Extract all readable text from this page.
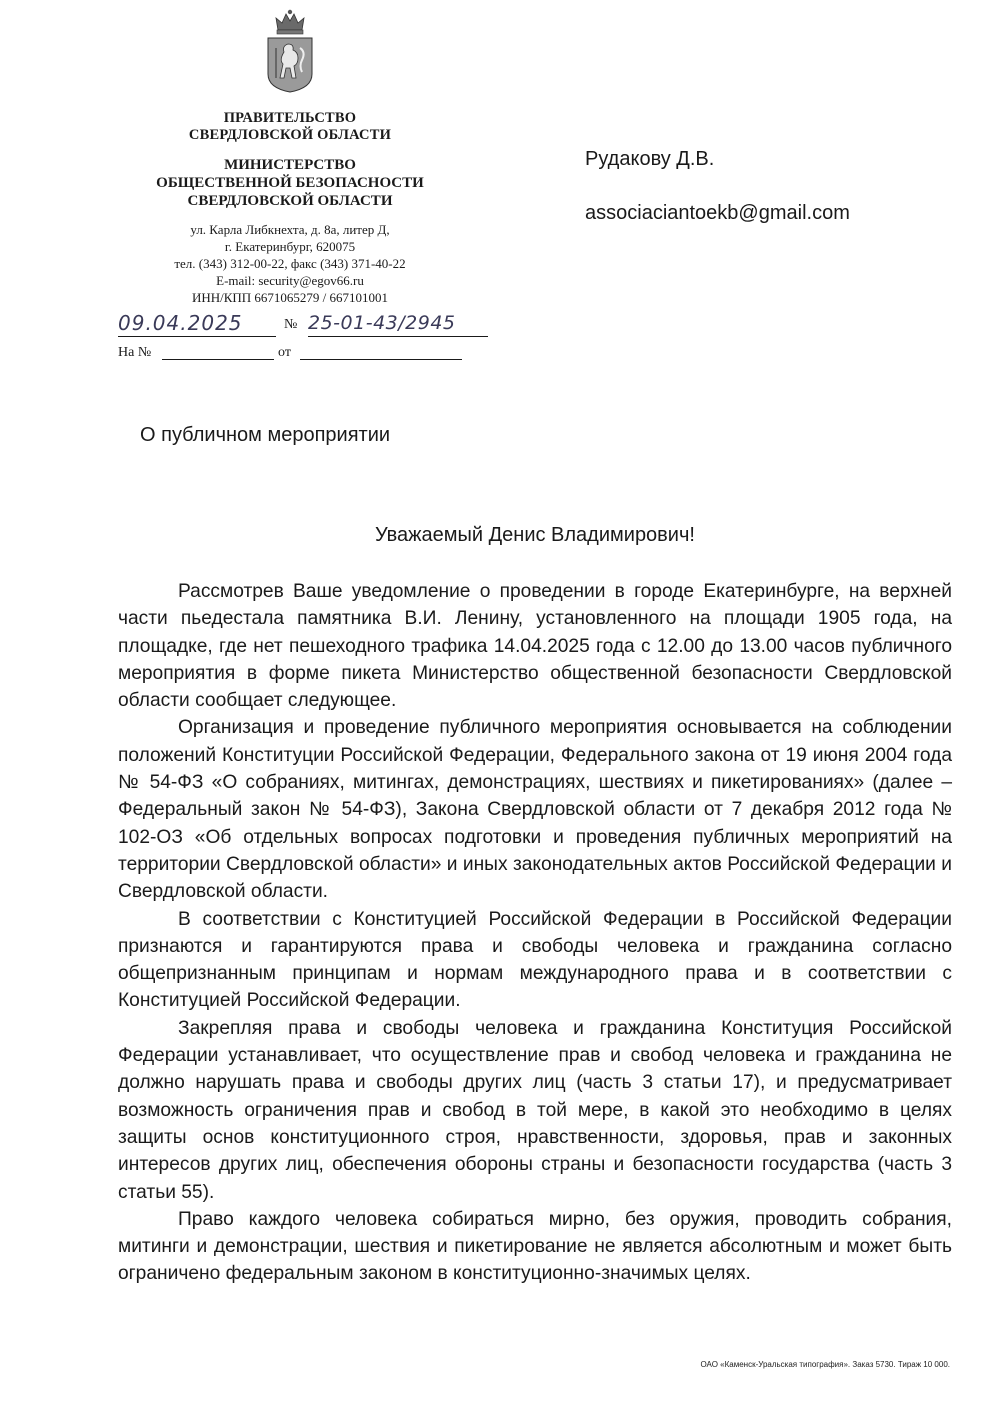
ПРАВИТЕЛЬСТВО
СВЕРДЛОВСКОЙ ОБЛАСТИ
МИНИСТЕРСТВО
ОБЩЕСТВЕННОЙ БЕЗОПАСНОСТИ
СВЕРДЛОВСКОЙ ОБЛАСТИ
ул. Карла Либкнехта, д. 8а, литер Д,
г. Екатеринбург, 620075
тел. (343) 312-00-22, факс (343) 371-40-22
E-mail: security@egov66.ru
ИНН/КПП 6671065279 / 667101001
09.04.2025	№ 25-01-43/2945
На №	от
Рудакову Д.В.
associaciantoekb@gmail.com
О публичном мероприятии
Уважаемый Денис Владимирович!

Рассмотрев Ваше уведомление о проведении в городе Екатеринбурге, на верхней части пьедестала памятника В.И. Ленину, установленного на площади 1905 года, на площадке, где нет пешеходного трафика 14.04.2025 года с 12.00 до 13.00 часов публичного мероприятия в форме пикета Министерство общественной безопасности Свердловской области сообщает следующее.

Организация и проведение публичного мероприятия основывается на соблюдении положений Конституции Российской Федерации, Федерального закона от 19 июня 2004 года № 54-ФЗ «О собраниях, митингах, демонстрациях, шествиях и пикетированиях» (далее – Федеральный закон № 54-ФЗ), Закона Свердловской области от 7 декабря 2012 года № 102-ОЗ «Об отдельных вопросах подготовки и проведения публичных мероприятий на территории Свердловской области» и иных законодательных актов Российской Федерации и Свердловской области.

В соответствии с Конституцией Российской Федерации в Российской Федерации признаются и гарантируются права и свободы человека и гражданина согласно общепризнанным принципам и нормам международного права и в соответствии с Конституцией Российской Федерации.

Закрепляя права и свободы человека и гражданина Конституция Российской Федерации устанавливает, что осуществление прав и свобод человека и гражданина не должно нарушать права и свободы других лиц (часть 3 статьи 17), и предусматривает возможность ограничения прав и свобод в той мере, в какой это необходимо в целях защиты основ конституционного строя, нравственности, здоровья, прав и законных интересов других лиц, обеспечения обороны страны и безопасности государства (часть 3 статьи 55).

Право каждого человека собираться мирно, без оружия, проводить собрания, митинги и демонстрации, шествия и пикетирование не является абсолютным и может быть ограничено федеральным законом в конституционно-значимых целях.

ОАО «Каменск-Уральская типография». Заказ 5730. Тираж 10 000.
